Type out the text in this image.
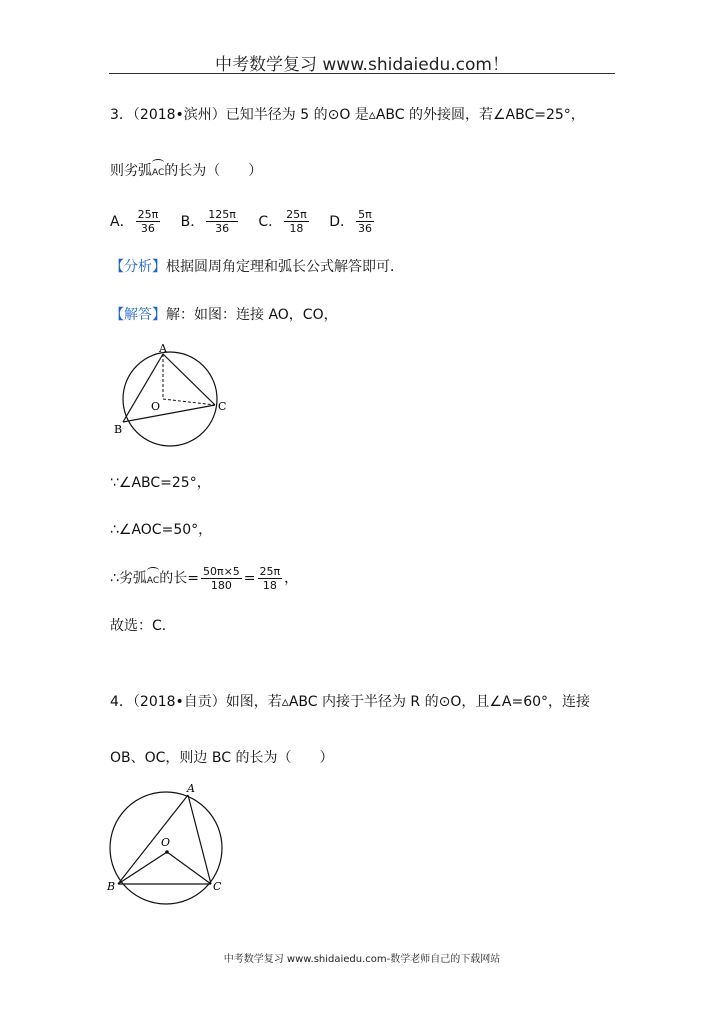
中考数学复习 www.shidaiedu.com！
3．（2018•滨州）已知半径为 5 的⊙O 是▵ABC 的外接圆，若∠ABC=25°，
则劣弧AC的长为（　　）
A． $\frac{25\pi}{36}$ B． $\frac{125\pi}{36}$ C． $\frac{25\pi}{18}$ D． $\frac{5\pi}{36}$
【分析】根据圆周角定理和弧长公式解答即可．
【解答】解：如图：连接 AO，CO，
A
O
B
C
∵∠ABC=25°，
∴∠AOC=50°，
∴劣弧AC的长= $\frac{50\pi\times 5}{180} = \frac{25\pi}{18}$ ，
故选：C．
4．（2018•自贡）如图，若▵ABC 内接于半径为 R 的⊙O，且∠A=60°，连接
OB、OC，则边 BC 的长为（　　）
A
O
B	C
中考数学复习 www.shidaiedu.com-数学老师自己的下载网站
